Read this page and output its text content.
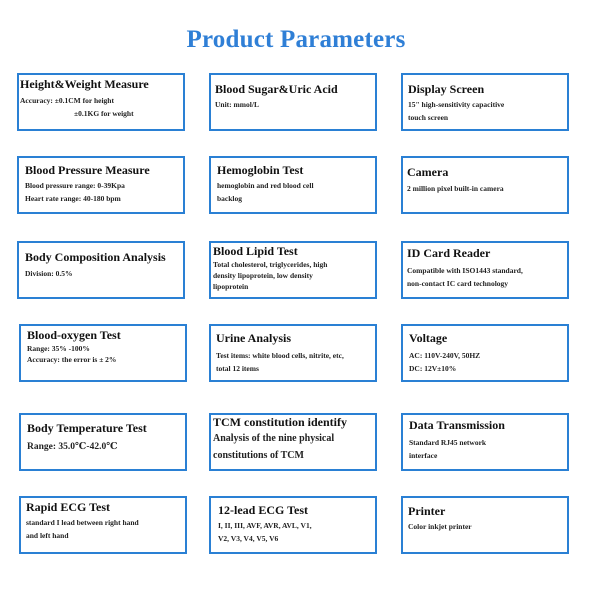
Product Parameters
Height&Weight Measure
Accuracy: ±0.1CM for height
±0.1KG for weight
Blood Sugar&Uric Acid
Unit: mmol/L
Display Screen
15" high-sensitivity capacitive
touch screen
Blood Pressure Measure
Blood pressure range: 0-39Kpa
Heart rate range: 40-180 bpm
Hemoglobin Test
hemoglobin and red blood cell
backlog
Camera
2 million pixel built-in camera
Body Composition Analysis
Division: 0.5%
Blood Lipid Test
Total cholesterol, triglycerides, high
density lipoprotein, low density
lipoprotein
ID Card Reader
Compatible with ISO1443 standard,
non-contact IC card technology
Blood-oxygen Test
Range: 35% -100%
Accuracy: the error is ± 2%
Urine Analysis
Test items: white blood cells, nitrite, etc,
total 12 items
Voltage
AC: 110V-240V, 50HZ
DC: 12V±10%
Body Temperature Test
Range: 35.0℃-42.0℃
TCM constitution identify
Analysis of the nine physical
constitutions of TCM
Data Transmission
Standard RJ45 network
interface
Rapid ECG Test
standard I lead between right hand
and left hand
12-lead ECG Test
I, II, III, AVF, AVR, AVL, V1,
V2, V3, V4, V5, V6
Printer
Color inkjet printer
